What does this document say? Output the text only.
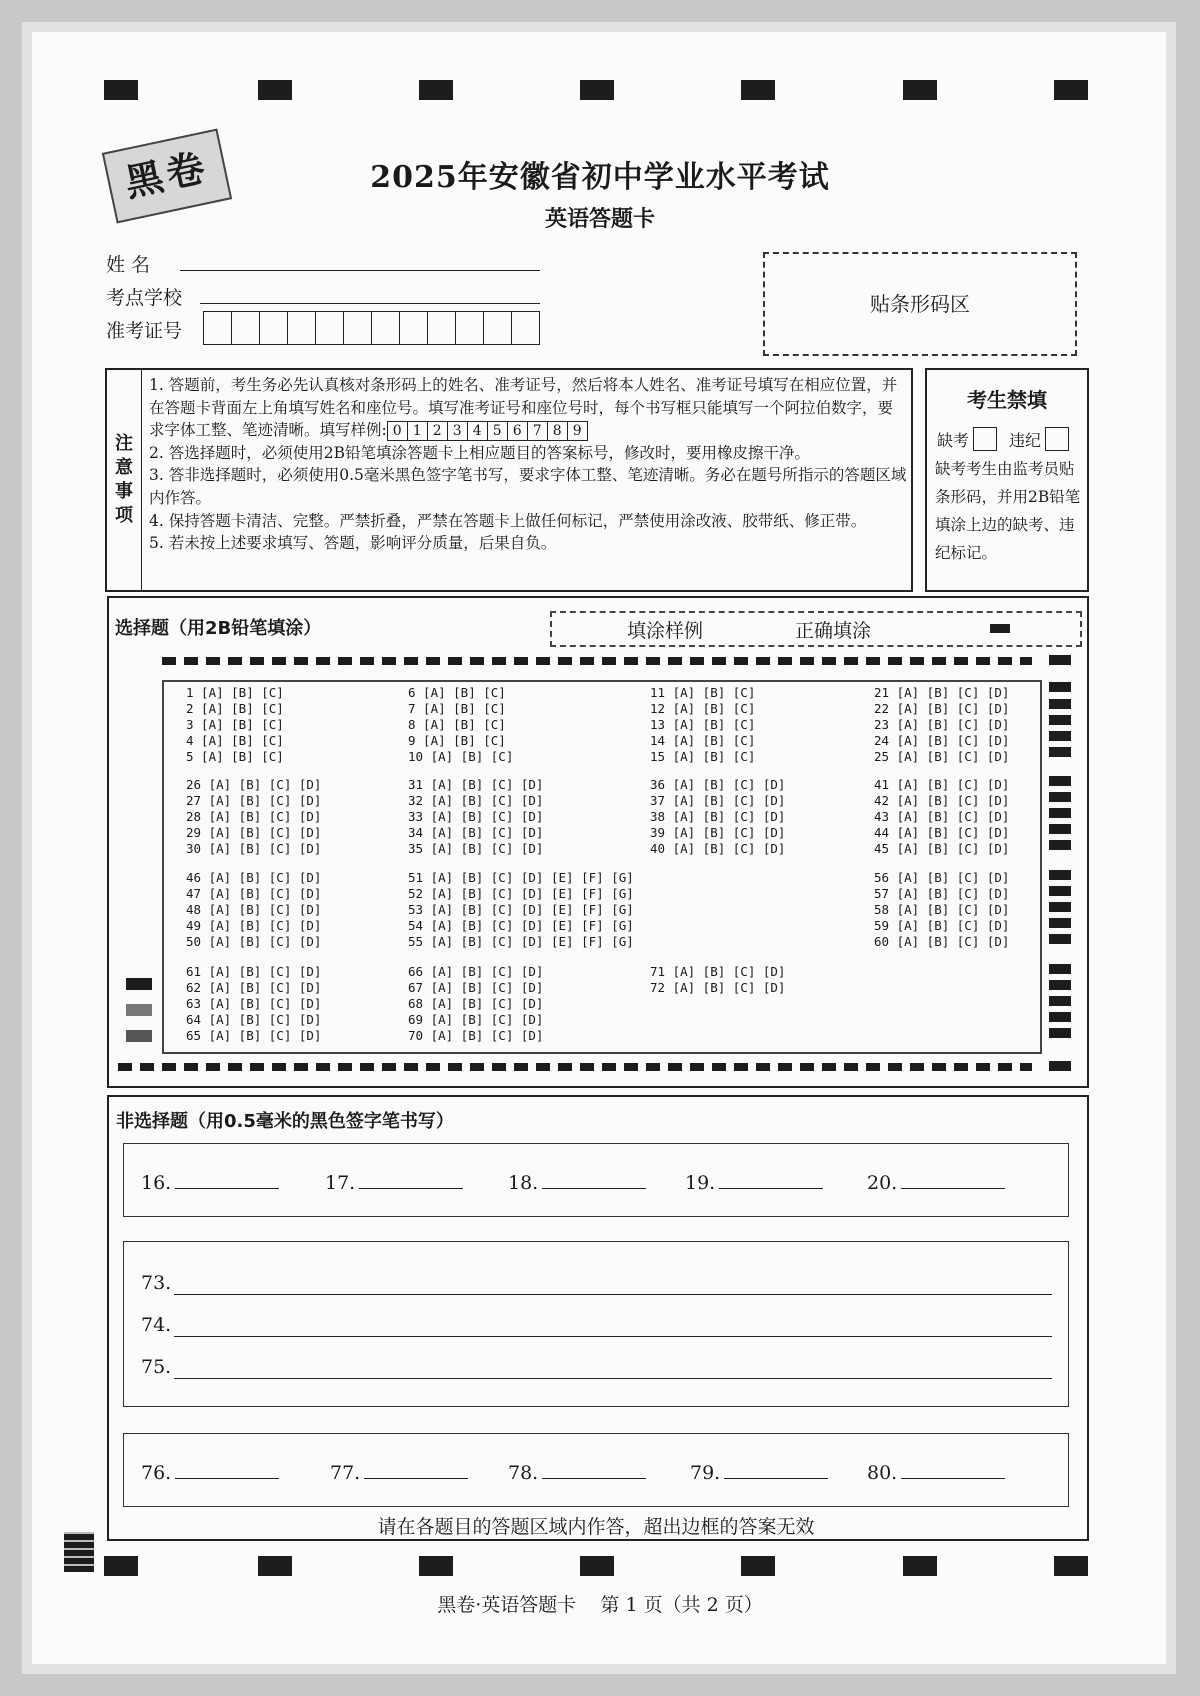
黑卷	2025年安徽省初中学业水平考试
英语答题卡
姓 名
考点学校
准考证号
贴条形码区
注
意
事
项
1. 答题前，考生务必先认真核对条形码上的姓名、准考证号，然后将本人姓名、准考证号填写在相应位置，并在答题卡背面左上角填写姓名和座位号。填写准考证号和座位号时，每个书写框只能填写一个阿拉伯数字，要求字体工整、笔迹清晰。填写样例: 0 1 2 3 4 5 6 7 8 9
2. 答选择题时，必须使用2B铅笔填涂答题卡上相应题目的答案标号，修改时，要用橡皮擦干净。
3. 答非选择题时，必须使用0.5毫米黑色签字笔书写，要求字体工整、笔迹清晰。务必在题号所指示的答题区域内作答。
4. 保持答题卡清洁、完整。严禁折叠，严禁在答题卡上做任何标记，严禁使用涂改液、胶带纸、修正带。
5. 若未按上述要求填写、答题，影响评分质量，后果自负。
考生禁填
缺考	违纪
缺考考生由监考员贴条形码，并用2B铅笔填涂上边的缺考、违纪标记。
选择题（用2B铅笔填涂）	填涂样例	正确填涂
1 [A] [B] [C]
2 [A] [B] [C]
3 [A] [B] [C]
4 [A] [B] [C]
5 [A] [B] [C]
6 [A] [B] [C]
7 [A] [B] [C]
8 [A] [B] [C]
9 [A] [B] [C]
10 [A] [B] [C]
11 [A] [B] [C]
12 [A] [B] [C]
13 [A] [B] [C]
14 [A] [B] [C]
15 [A] [B] [C]
21 [A] [B] [C] [D]
22 [A] [B] [C] [D]
23 [A] [B] [C] [D]
24 [A] [B] [C] [D]
25 [A] [B] [C] [D]
26 [A] [B] [C] [D]
27 [A] [B] [C] [D]
28 [A] [B] [C] [D]
29 [A] [B] [C] [D]
30 [A] [B] [C] [D]
31 [A] [B] [C] [D]
32 [A] [B] [C] [D]
33 [A] [B] [C] [D]
34 [A] [B] [C] [D]
35 [A] [B] [C] [D]
36 [A] [B] [C] [D]
37 [A] [B] [C] [D]
38 [A] [B] [C] [D]
39 [A] [B] [C] [D]
40 [A] [B] [C] [D]
41 [A] [B] [C] [D]
42 [A] [B] [C] [D]
43 [A] [B] [C] [D]
44 [A] [B] [C] [D]
45 [A] [B] [C] [D]
46 [A] [B] [C] [D]
47 [A] [B] [C] [D]
48 [A] [B] [C] [D]
49 [A] [B] [C] [D]
50 [A] [B] [C] [D]
51 [A] [B] [C] [D] [E] [F] [G]
52 [A] [B] [C] [D] [E] [F] [G]
53 [A] [B] [C] [D] [E] [F] [G]
54 [A] [B] [C] [D] [E] [F] [G]
55 [A] [B] [C] [D] [E] [F] [G]
56 [A] [B] [C] [D]
57 [A] [B] [C] [D]
58 [A] [B] [C] [D]
59 [A] [B] [C] [D]
60 [A] [B] [C] [D]
61 [A] [B] [C] [D]
62 [A] [B] [C] [D]
63 [A] [B] [C] [D]
64 [A] [B] [C] [D]
65 [A] [B] [C] [D]
66 [A] [B] [C] [D]
67 [A] [B] [C] [D]
68 [A] [B] [C] [D]
69 [A] [B] [C] [D]
70 [A] [B] [C] [D]
71 [A] [B] [C] [D]
72 [A] [B] [C] [D]
非选择题（用0.5毫米的黑色签字笔书写）
16.	17.	18.	19.	20.
73.
74.
75.
76.	77.	78.	79.	80.
请在各题目的答题区域内作答，超出边框的答案无效
黑卷·英语答题卡    第 1 页（共 2 页）
